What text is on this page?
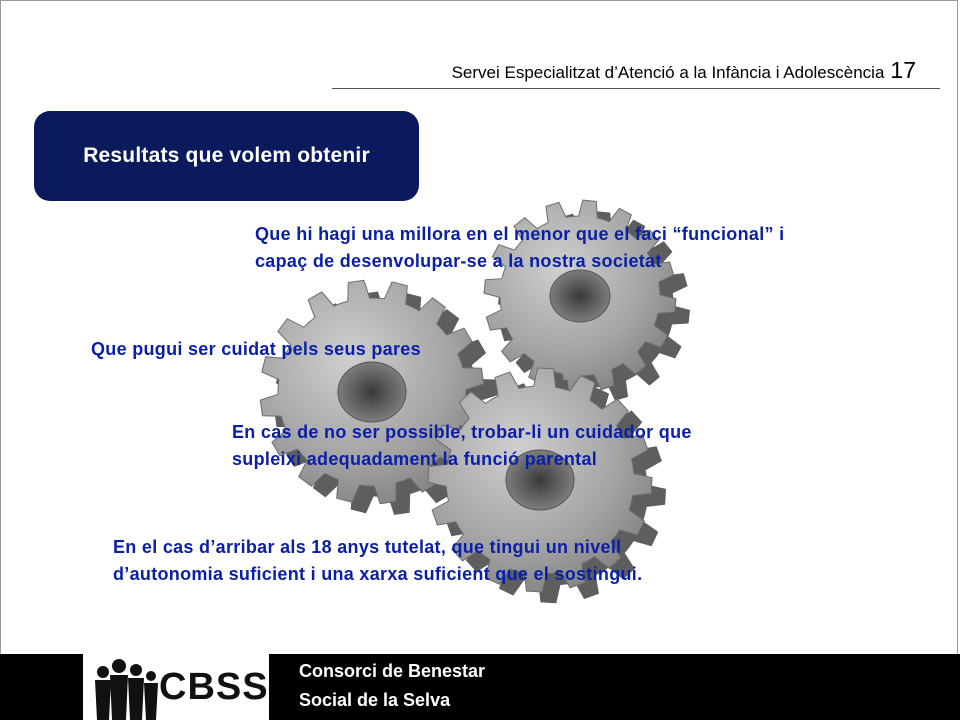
Servei Especialitzat d’Atenció a la Infància i Adolescència 17
Resultats que volem obtenir
Que hi hagi una millora en el menor que el faci “funcional” i
capaç de desenvolupar-se a la nostra societat
Que pugui ser cuidat pels seus pares
En cas de no ser possible, trobar-li un cuidador que
supleixi adequadament la funció parental
En el cas d’arribar als 18 anys tutelat, que tingui un nivell
d’autonomia suficient i una xarxa suficient que el sostingui.
CBSS Consorci de Benestar
Social de la Selva
